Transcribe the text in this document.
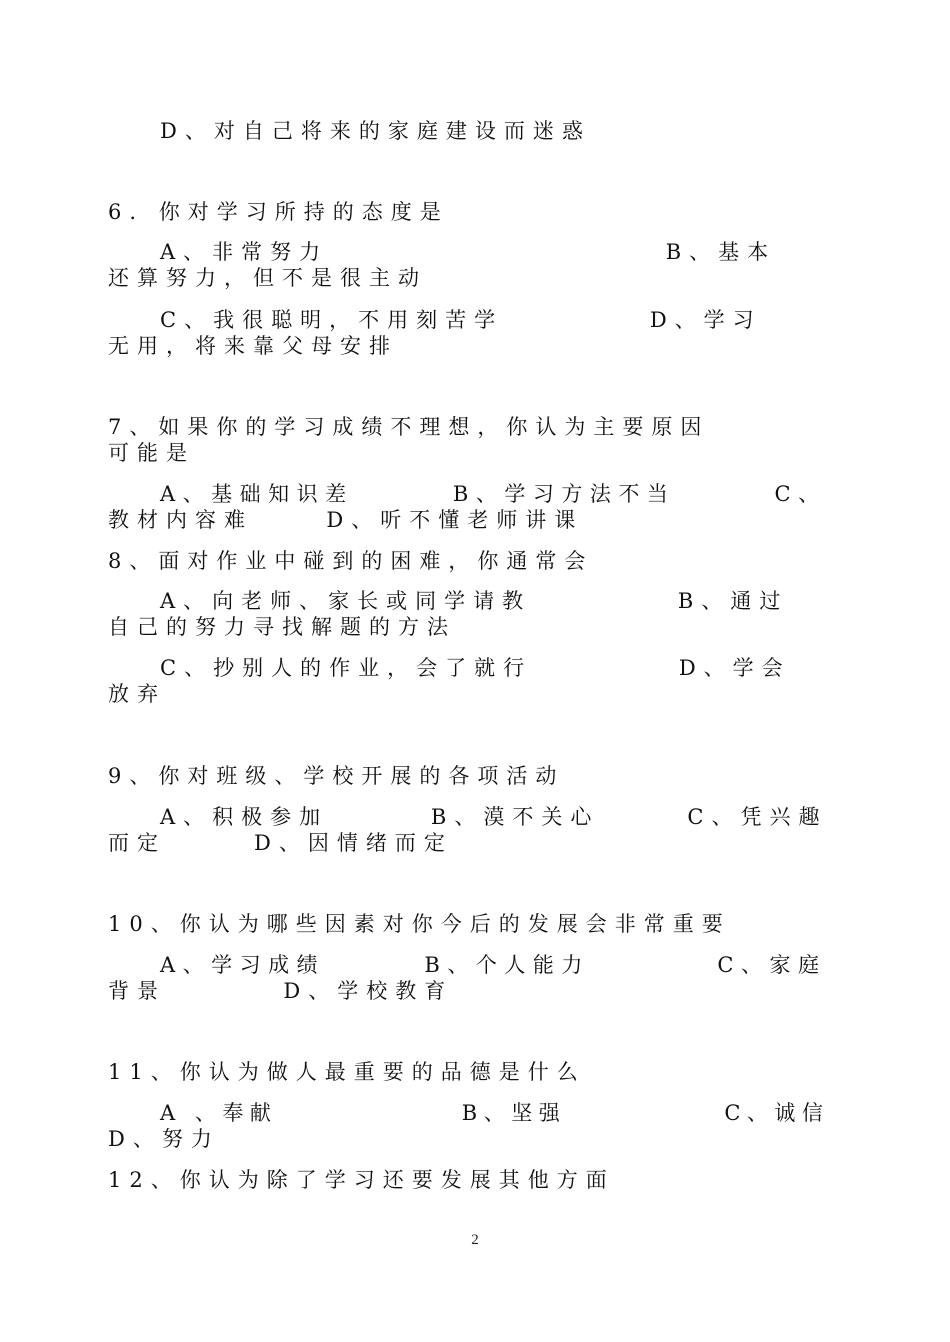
D、对自己将来的家庭建设而迷惑

6. 你对学习所持的态度是

A、非常努力                       B、基本

还算努力，但不是很主动

C、我很聪明，不用刻苦学          D、学习

无用，将来靠父母安排

7、如果你的学习成绩不理想，你认为主要原因

可能是

A、基础知识差       B、学习方法不当       C、

教材内容难     D、听不懂老师讲课

8、面对作业中碰到的困难，你通常会

A、向老师、家长或同学请教          B、通过

自己的努力寻找解题的方法

C、抄别人的作业，会了就行          D、学会

放弃

9、你对班级、学校开展的各项活动

A、积极参加       B、漠不关心      C、凭兴趣

而定      D、因情绪而定

10、你认为哪些因素对你今后的发展会非常重要

A、学习成绩       B、个人能力         C、家庭

背景        D、学校教育

11、你认为做人最重要的品德是什么

A 、奉献              B、坚强            C、诚信

D、努力

12、你认为除了学习还要发展其他方面

2
